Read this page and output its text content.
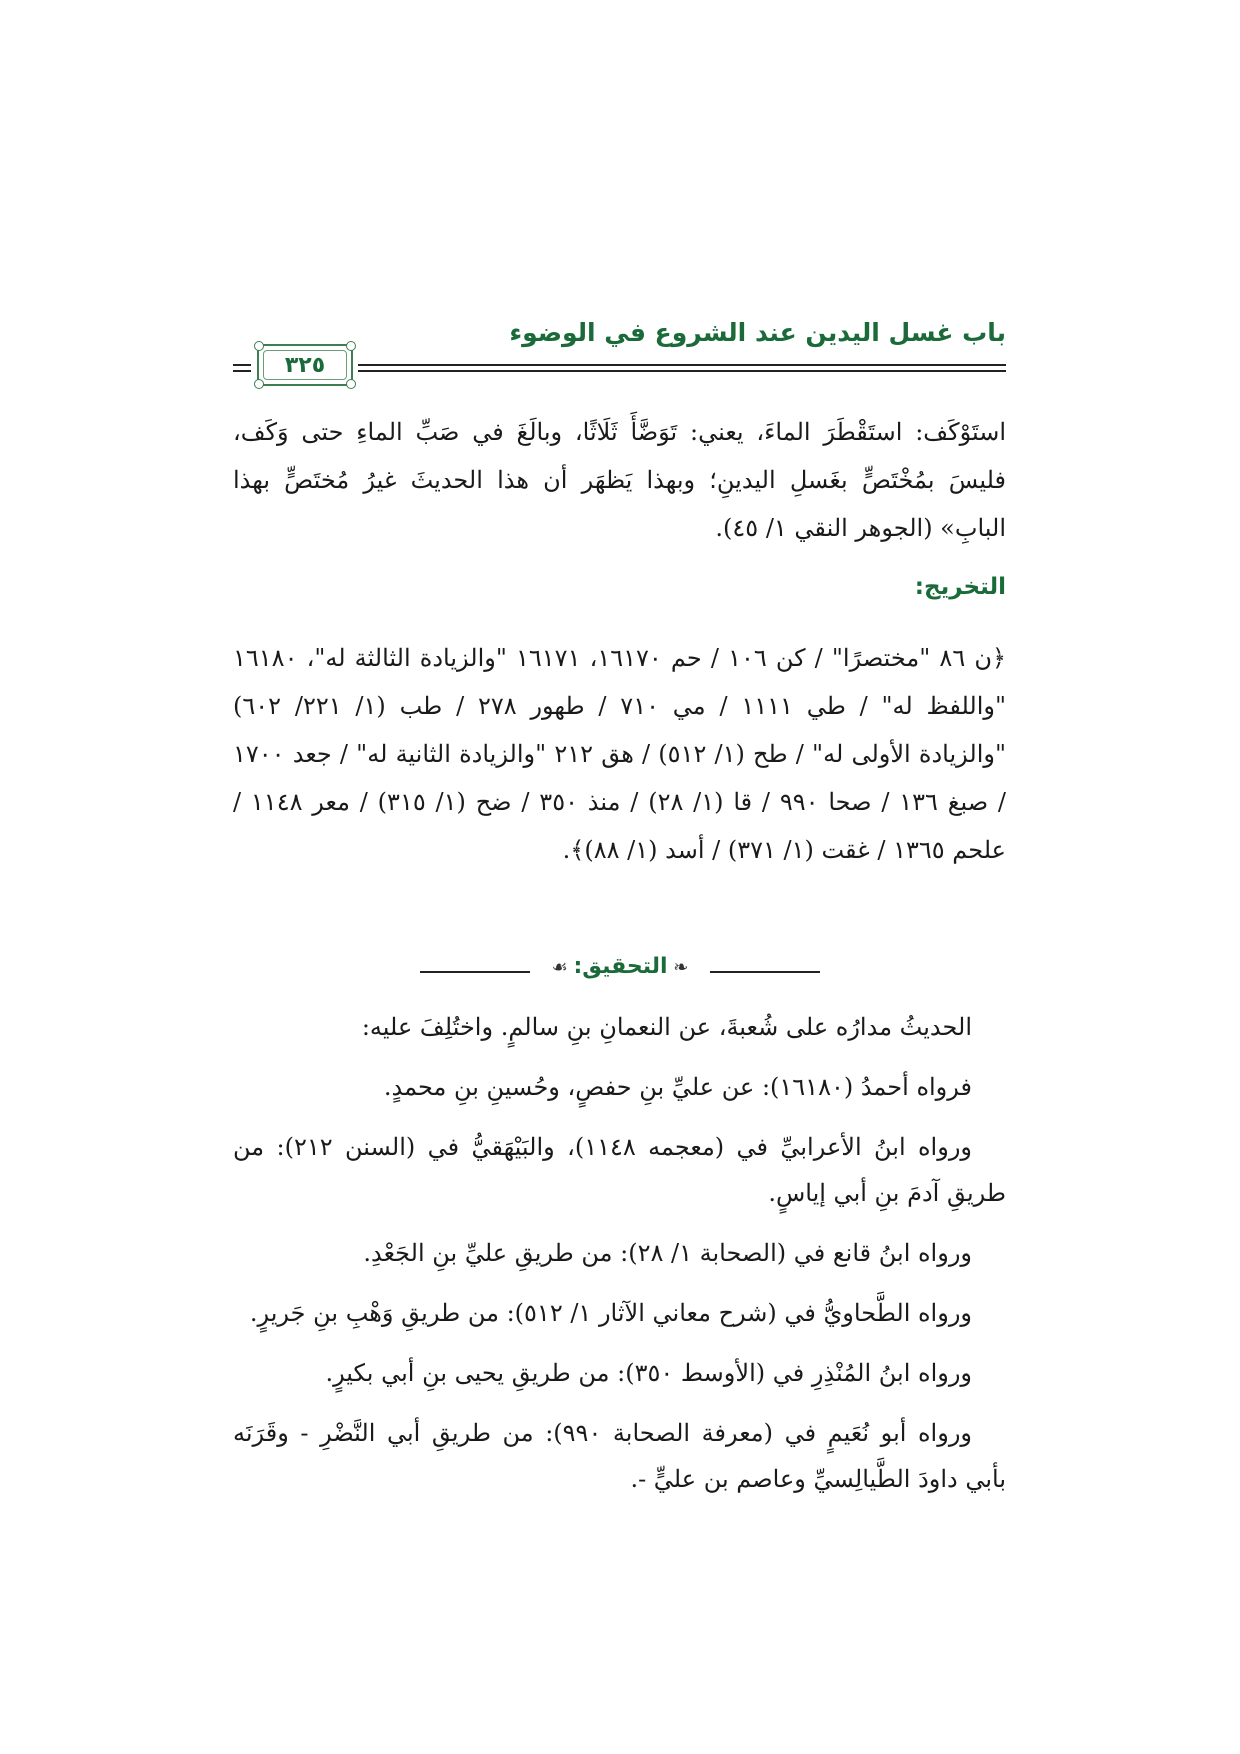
باب غسل اليدين عند الشروع في الوضوء
٣٢٥
استَوْكَف: استَقْطَرَ الماءَ، يعني: تَوَضَّأَ ثَلَاثًا، وبالَغَ في صَبِّ الماءِ حتى وَكَف، فليسَ بمُخْتَصٍّ بغَسلِ اليدينِ؛ وبهذا يَظهَر أن هذا الحديثَ غيرُ مُختَصٍّ بهذا البابِ» (الجوهر النقي ١/ ٤٥).
التخريج:
﴿ن ٨٦ "مختصرًا" / كن ١٠٦ / حم ١٦١٧٠، ١٦١٧١ "والزيادة الثالثة له"، ١٦١٨٠ "واللفظ له" / طي ١١١١ / مي ٧١٠ / طهور ٢٧٨ / طب (١/ ٢٢١/ ٦٠٢) "والزيادة الأولى له" / طح (١/ ٥١٢) / هق ٢١٢ "والزيادة الثانية له" / جعد ١٧٠٠ / صبغ ١٣٦ / صحا ٩٩٠ / قا (١/ ٢٨) / منذ ٣٥٠ / ضح (١/ ٣١٥) / معر ١١٤٨ / علحم ١٣٦٥ / غقت (١/ ٣٧١) / أسد (١/ ٨٨)﴾.
❧ التحقيق: ☙

الحديثُ مدارُه على شُعبةَ، عن النعمانِ بنِ سالمٍ. واختُلِفَ عليه:

فرواه أحمدُ (١٦١٨٠): عن عليِّ بنِ حفصٍ، وحُسينِ بنِ محمدٍ.

ورواه ابنُ الأعرابيِّ في (معجمه ١١٤٨)، والبَيْهَقيُّ في (السنن ٢١٢): من طريقِ آدمَ بنِ أبي إياسٍ.

ورواه ابنُ قانع في (الصحابة ١/ ٢٨): من طريقِ عليِّ بنِ الجَعْدِ.

ورواه الطَّحاويُّ في (شرح معاني الآثار ١/ ٥١٢): من طريقِ وَهْبِ بنِ جَريرٍ.

ورواه ابنُ المُنْذِرِ في (الأوسط ٣٥٠): من طريقِ يحيى بنِ أبي بكيرٍ.

ورواه أبو نُعَيمٍ في (معرفة الصحابة ٩٩٠): من طريقِ أبي النَّضْرِ - وقَرَنَه بأبي داودَ الطَّيالِسيِّ وعاصم بن عليٍّ -.
